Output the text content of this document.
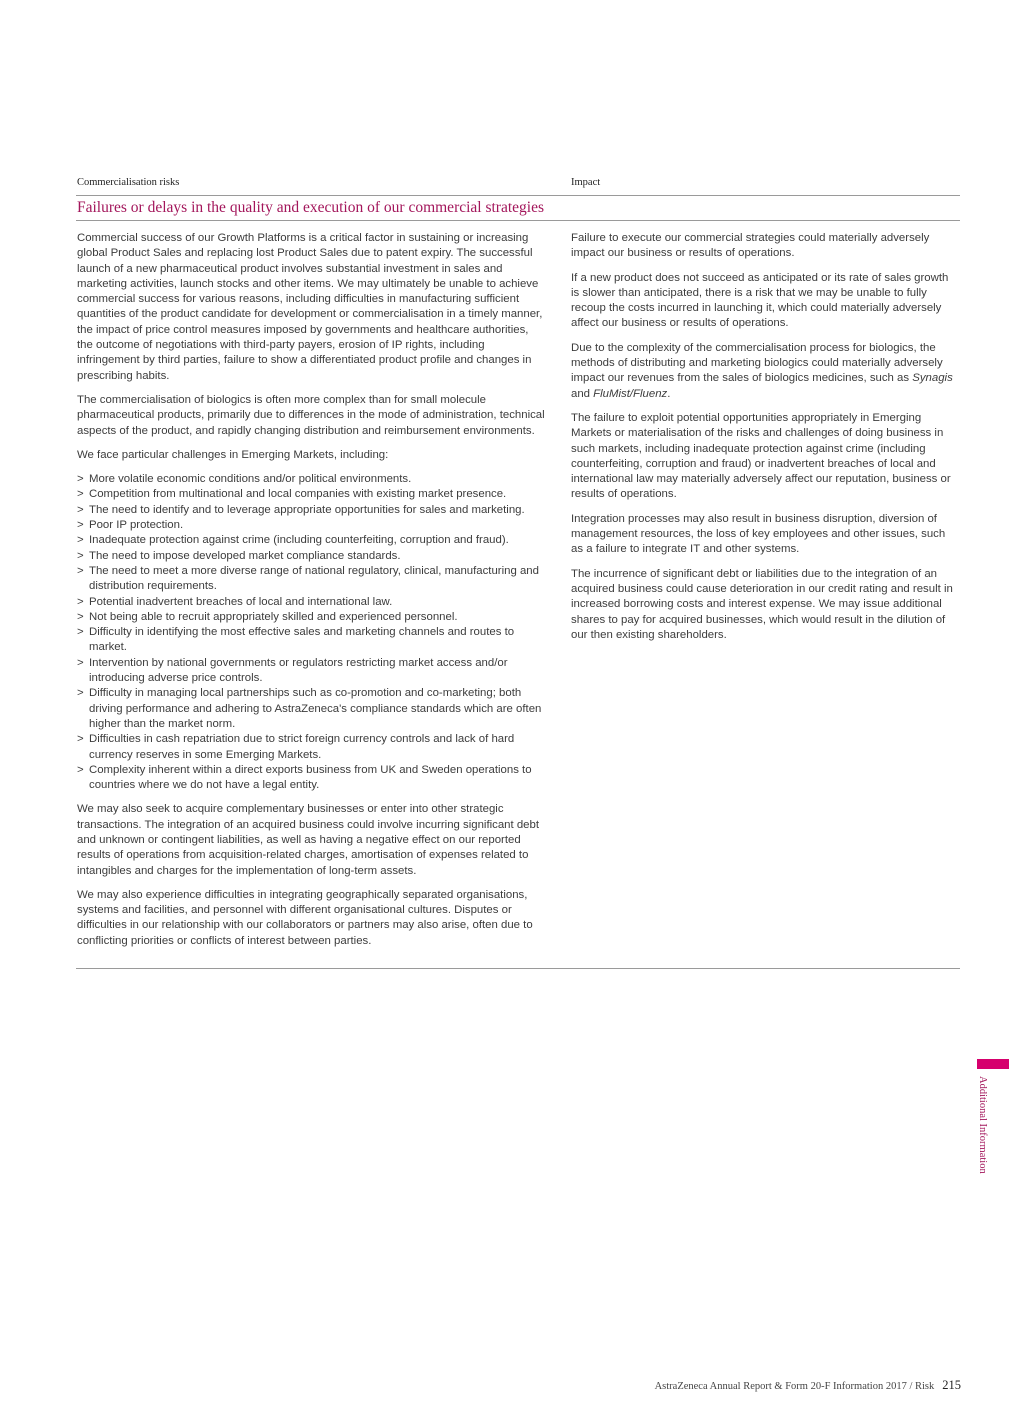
Commercialisation risks	Impact
Failures or delays in the quality and execution of our commercial strategies

Commercial success of our Growth Platforms is a critical factor in sustaining or increasing global Product Sales and replacing lost Product Sales due to patent expiry. The successful launch of a new pharmaceutical product involves substantial investment in sales and marketing activities, launch stocks and other items. We may ultimately be unable to achieve commercial success for various reasons, including difficulties in manufacturing sufficient quantities of the product candidate for development or commercialisation in a timely manner, the impact of price control measures imposed by governments and healthcare authorities, the outcome of negotiations with third-party payers, erosion of IP rights, including infringement by third parties, failure to show a differentiated product profile and changes in prescribing habits.

The commercialisation of biologics is often more complex than for small molecule pharmaceutical products, primarily due to differences in the mode of administration, technical aspects of the product, and rapidly changing distribution and reimbursement environments.

We face particular challenges in Emerging Markets, including:

> More volatile economic conditions and/or political environments.
> Competition from multinational and local companies with existing market presence.
> The need to identify and to leverage appropriate opportunities for sales and marketing.
> Poor IP protection.
> Inadequate protection against crime (including counterfeiting, corruption and fraud).
> The need to impose developed market compliance standards.
> The need to meet a more diverse range of national regulatory, clinical, manufacturing and distribution requirements.
> Potential inadvertent breaches of local and international law.
> Not being able to recruit appropriately skilled and experienced personnel.
> Difficulty in identifying the most effective sales and marketing channels and routes to market.
> Intervention by national governments or regulators restricting market access and/or introducing adverse price controls.
> Difficulty in managing local partnerships such as co-promotion and co-marketing; both driving performance and adhering to AstraZeneca's compliance standards which are often higher than the market norm.
> Difficulties in cash repatriation due to strict foreign currency controls and lack of hard currency reserves in some Emerging Markets.
> Complexity inherent within a direct exports business from UK and Sweden operations to countries where we do not have a legal entity.

We may also seek to acquire complementary businesses or enter into other strategic transactions. The integration of an acquired business could involve incurring significant debt and unknown or contingent liabilities, as well as having a negative effect on our reported results of operations from acquisition-related charges, amortisation of expenses related to intangibles and charges for the implementation of long-term assets.

We may also experience difficulties in integrating geographically separated organisations, systems and facilities, and personnel with different organisational cultures. Disputes or difficulties in our relationship with our collaborators or partners may also arise, often due to conflicting priorities or conflicts of interest between parties.

Failure to execute our commercial strategies could materially adversely impact our business or results of operations.

If a new product does not succeed as anticipated or its rate of sales growth is slower than anticipated, there is a risk that we may be unable to fully recoup the costs incurred in launching it, which could materially adversely affect our business or results of operations.

Due to the complexity of the commercialisation process for biologics, the methods of distributing and marketing biologics could materially adversely impact our revenues from the sales of biologics medicines, such as Synagis and FluMist/Fluenz.

The failure to exploit potential opportunities appropriately in Emerging Markets or materialisation of the risks and challenges of doing business in such markets, including inadequate protection against crime (including counterfeiting, corruption and fraud) or inadvertent breaches of local and international law may materially adversely affect our reputation, business or results of operations.

Integration processes may also result in business disruption, diversion of management resources, the loss of key employees and other issues, such as a failure to integrate IT and other systems.

The incurrence of significant debt or liabilities due to the integration of an acquired business could cause deterioration in our credit rating and result in increased borrowing costs and interest expense. We may issue additional shares to pay for acquired businesses, which would result in the dilution of our then existing shareholders.

Additional Information
AstraZeneca Annual Report & Form 20-F Information 2017 / Risk 215
